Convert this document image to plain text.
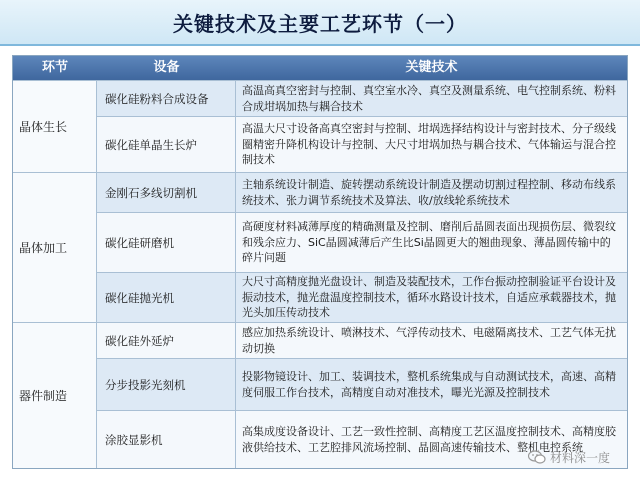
关键技术及主要工艺环节（一）
环节	设备	关键技术
晶体生长
晶体加工
器件制造
碳化硅粉料合成设备
高温高真空密封与控制、真空室水冷、真空及测量系统、电气控制系统、粉料合成坩埚加热与耦合技术
碳化硅单晶生长炉
高温大尺寸设备高真空密封与控制、坩埚选择结构设计与密封技术、分子级线圈精密升降机构设计与控制、大尺寸坩埚加热与耦合技术、气体输运与混合控制技术
金刚石多线切割机
主轴系统设计制造、旋转摆动系统设计制造及摆动切割过程控制、移动布线系统技术、张力调节系统技术及算法、收/放线轮系统技术
碳化硅研磨机
高硬度材料减薄厚度的精确测量及控制、磨削后晶圆表面出现损伤层、微裂纹和残余应力、SiC晶圆减薄后产生比Si晶圆更大的翘曲现象、薄晶圆传输中的碎片问题
碳化硅抛光机
大尺寸高精度抛光盘设计、制造及装配技术，工作台振动控制验证平台设计及振动技术，抛光盘温度控制技术，循环水路设计技术，自适应承载器技术，抛光头加压传动技术
碳化硅外延炉
感应加热系统设计、喷淋技术、气浮传动技术、电磁隔离技术、工艺气体无扰动切换
分步投影光刻机
投影物镜设计、加工、装调技术，整机系统集成与自动测试技术，高速、高精度伺服工作台技术，高精度自动对准技术，曝光光源及控制技术
涂胶显影机
高集成度设备设计、工艺一致性控制、高精度工艺区温度控制技术、高精度胶液供给技术、工艺腔排风流场控制、晶圆高速传输技术、整机电控系统
材料深一度
